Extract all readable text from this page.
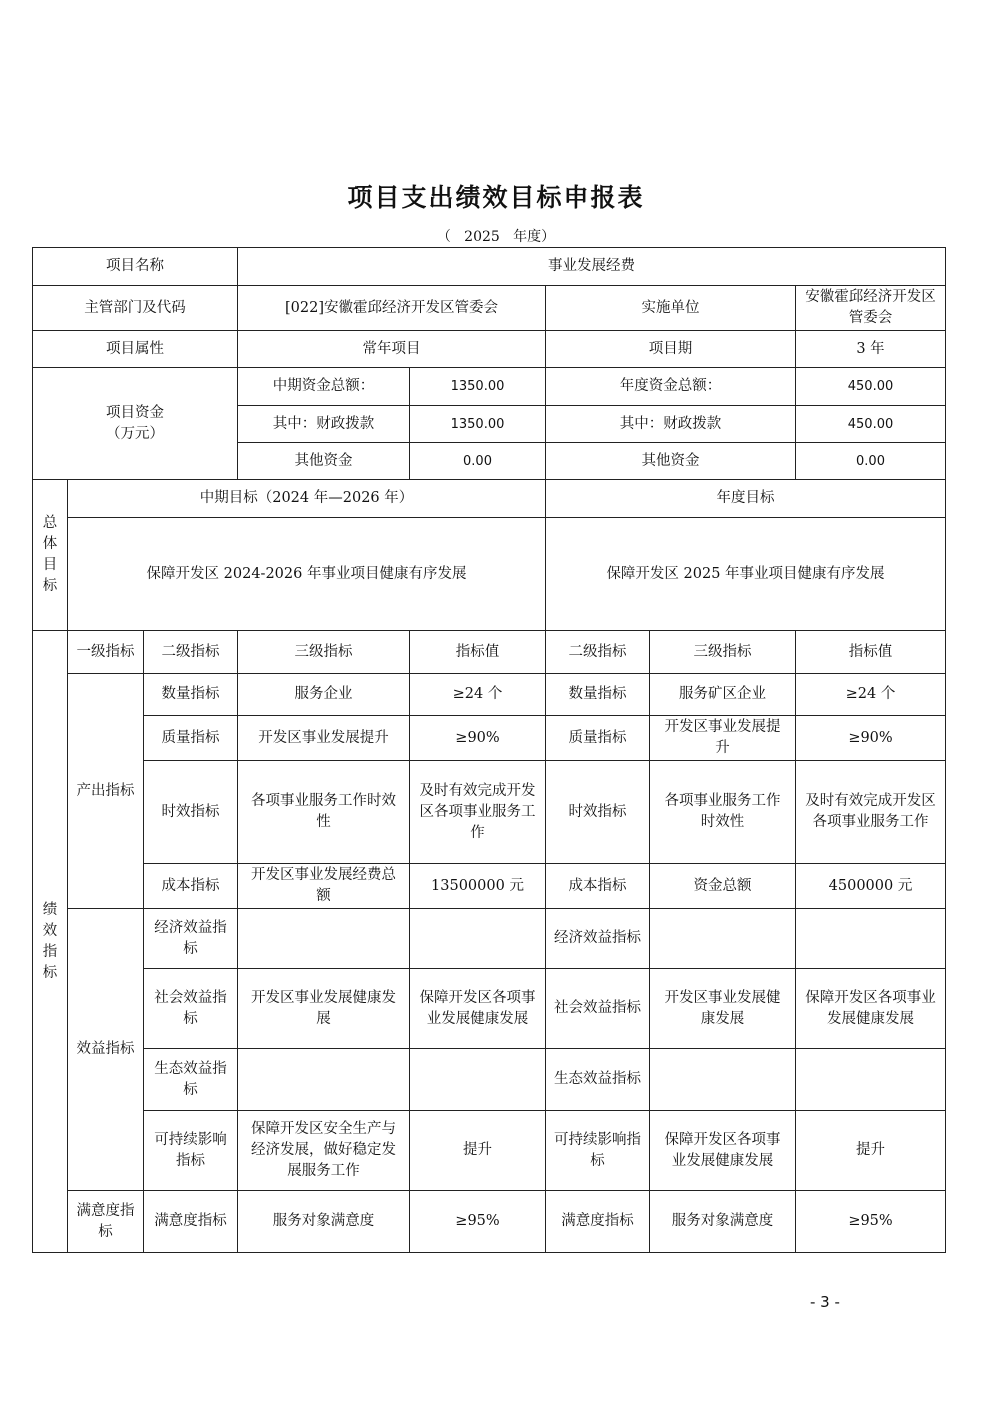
项目支出绩效目标申报表
（   2025   年度）
项目名称			事业发展经费				
主管部门及代码			[022]安徽霍邱经济开发区管委会		实施单位		安徽霍邱经济开发区管委会
项目属性			常年项目		项目期		3 年
项目资金
（万元）			中期资金总额：	1350.00	年度资金总额：		450.00
			其中：财政拨款	1350.00	其中：财政拨款		450.00
			其他资金	0.00	其他资金		0.00
总
体
目
标	中期目标（2024 年—2026 年）				年度目标		
	保障开发区 2024-2026 年事业项目健康有序发展				保障开发区 2025 年事业项目健康有序发展		
绩
效
指
标	一级指标	二级指标	三级指标	指标值	二级指标	三级指标	指标值
	产出指标	数量指标	服务企业	≥24 个	数量指标	服务矿区企业	≥24 个
		质量指标	开发区事业发展提升	≥90%	质量指标	开发区事业发展提升	≥90%
		时效指标	各项事业服务工作时效性	及时有效完成开发区各项事业服务工作	时效指标	各项事业服务工作时效性	及时有效完成开发区各项事业服务工作
		成本指标	开发区事业发展经费总额	13500000 元	成本指标	资金总额	4500000 元
	效益指标	经济效益指标			经济效益指标		
		社会效益指标	开发区事业发展健康发展	保障开发区各项事业发展健康发展	社会效益指标	开发区事业发展健康发展	保障开发区各项事业发展健康发展
		生态效益指标			生态效益指标		
		可持续影响指标	保障开发区安全生产与经济发展，做好稳定发展服务工作	提升	可持续影响指标	保障开发区各项事业发展健康发展	提升
	满意度指标	满意度指标	服务对象满意度	≥95%	满意度指标	服务对象满意度	≥95%
- 3 -
